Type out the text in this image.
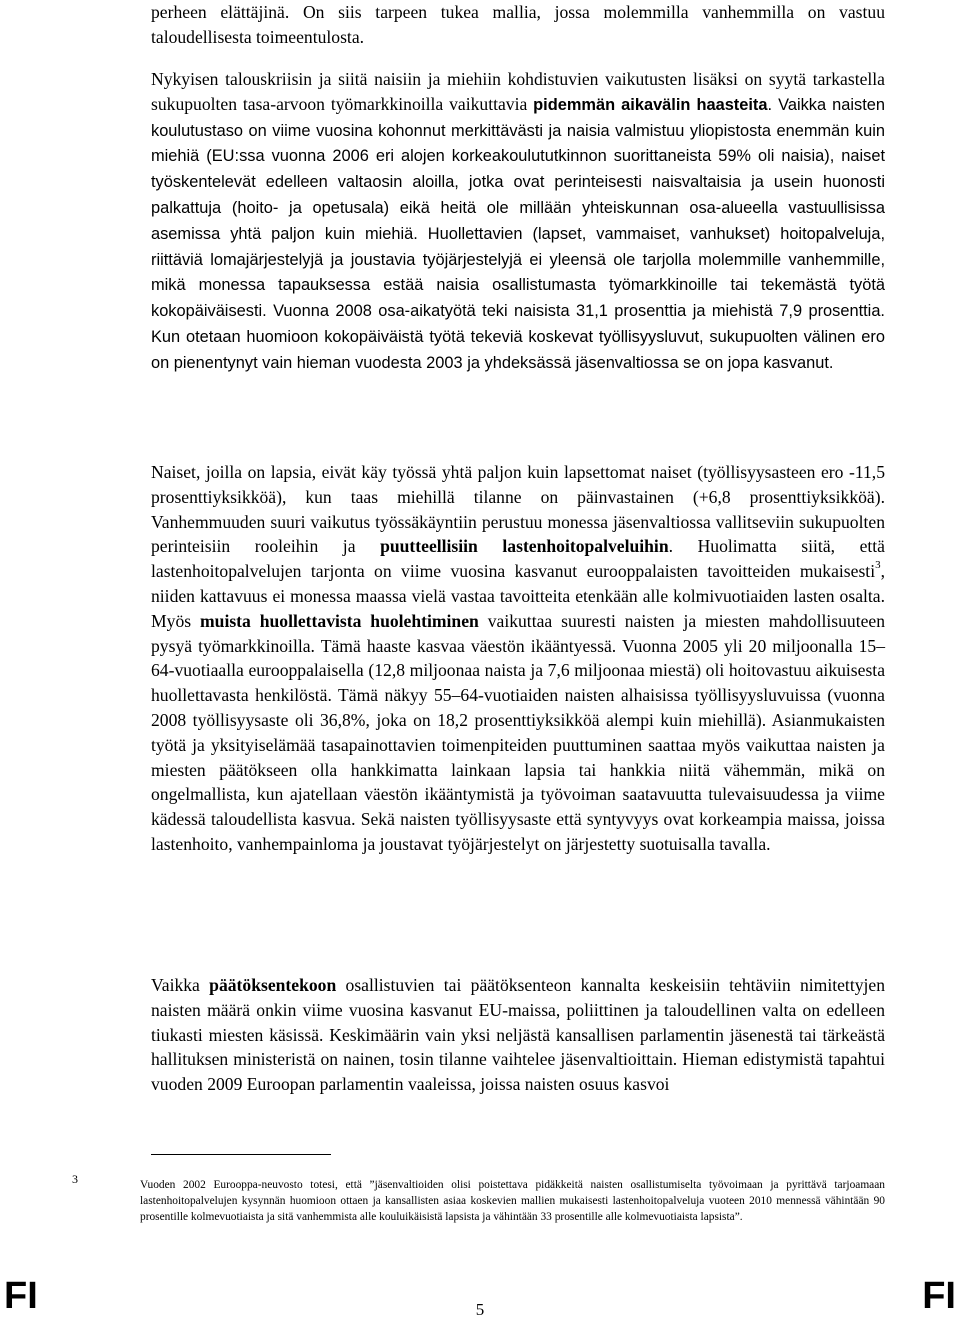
perheen elättäjinä. On siis tarpeen tukea mallia, jossa molemmilla vanhemmilla on vastuu taloudellisesta toimeentulosta.

Nykyisen talouskriisin ja siitä naisiin ja miehiin kohdistuvien vaikutusten lisäksi on syytä tarkastella sukupuolten tasa-arvoon työmarkkinoilla vaikuttavia pidemmän aikavälin haasteita. Vaikka naisten koulutustaso on viime vuosina kohonnut merkittävästi ja naisia valmistuu yliopistosta enemmän kuin miehiä (EU:ssa vuonna 2006 eri alojen korkeakoulututkinnon suorittaneista 59% oli naisia), naiset työskentelevät edelleen valtaosin aloilla, jotka ovat perinteisesti naisvaltaisia ja usein huonosti palkattuja (hoito- ja opetusala) eikä heitä ole millään yhteiskunnan osa-alueella vastuullisissa asemissa yhtä paljon kuin miehiä. Huollettavien (lapset, vammaiset, vanhukset) hoitopalveluja, riittäviä lomajärjestelyjä ja joustavia työjärjestelyjä ei yleensä ole tarjolla molemmille vanhemmille, mikä monessa tapauksessa estää naisia osallistumasta työmarkkinoille tai tekemästä työtä kokopäiväisesti. Vuonna 2008 osa-aikatyötä teki naisista 31,1 prosenttia ja miehistä 7,9 prosenttia. Kun otetaan huomioon kokopäiväistä työtä tekeviä koskevat työllisyysluvut, sukupuolten välinen ero on pienentynyt vain hieman vuodesta 2003 ja yhdeksässä jäsenvaltiossa se on jopa kasvanut.

Naiset, joilla on lapsia, eivät käy työssä yhtä paljon kuin lapsettomat naiset (työllisyysasteen ero -11,5 prosenttiyksikköä), kun taas miehillä tilanne on päinvastainen (+6,8 prosenttiyksikköä). Vanhemmuuden suuri vaikutus työssäkäyntiin perustuu monessa jäsenvaltiossa vallitseviin sukupuolten perinteisiin rooleihin ja puutteellisiin lastenhoitopalveluihin. Huolimatta siitä, että lastenhoitopalvelujen tarjonta on viime vuosina kasvanut eurooppalaisten tavoitteiden mukaisesti$^3$, niiden kattavuus ei monessa maassa vielä vastaa tavoitteita etenkään alle kolmivuotiaiden lasten osalta. Myös muista huollettavista huolehtiminen vaikuttaa suuresti naisten ja miesten mahdollisuuteen pysyä työmarkkinoilla. Tämä haaste kasvaa väestön ikääntyessä. Vuonna 2005 yli 20 miljoonalla 15–64-vuotiaalla eurooppalaisella (12,8 miljoonaa naista ja 7,6 miljoonaa miestä) oli hoitovastuu aikuisesta huollettavasta henkilöstä. Tämä näkyy 55–64-vuotiaiden naisten alhaisissa työllisyysluvuissa (vuonna 2008 työllisyysaste oli 36,8%, joka on 18,2 prosenttiyksikköä alempi kuin miehillä). Asianmukaisten työtä ja yksityiselämää tasapainottavien toimenpiteiden puuttuminen saattaa myös vaikuttaa naisten ja miesten päätökseen olla hankkimatta lainkaan lapsia tai hankkia niitä vähemmän, mikä on ongelmallista, kun ajatellaan väestön ikääntymistä ja työvoiman saatavuutta tulevaisuudessa ja viime kädessä taloudellista kasvua. Sekä naisten työllisyysaste että syntyvyys ovat korkeampia maissa, joissa lastenhoito, vanhempainloma ja joustavat työjärjestelyt on järjestetty suotuisalla tavalla.

Vaikka päätöksentekoon osallistuvien tai päätöksenteon kannalta keskeisiin tehtäviin nimitettyjen naisten määrä onkin viime vuosina kasvanut EU-maissa, poliittinen ja taloudellinen valta on edelleen tiukasti miesten käsissä. Keskimäärin vain yksi neljästä kansallisen parlamentin jäsenestä tai tärkeästä hallituksen ministeristä on nainen, tosin tilanne vaihtelee jäsenvaltioittain. Hieman edistymistä tapahtui vuoden 2009 Euroopan parlamentin vaaleissa, joissa naisten osuus kasvoi

3	Vuoden 2002 Eurooppa-neuvosto totesi, että ”jäsenvaltioiden olisi poistettava pidäkkeitä naisten osallistumiselta työvoimaan ja pyrittävä tarjoamaan lastenhoitopalvelujen kysynnän huomioon ottaen ja kansallisten asiaa koskevien mallien mukaisesti lastenhoitopalveluja vuoteen 2010 mennessä vähintään 90 prosentille kolmevuotiaista ja sitä vanhemmista alle kouluikäisistä lapsista ja vähintään 33 prosentille alle kolmevuotiaista lapsista”.

FI	5	FI
